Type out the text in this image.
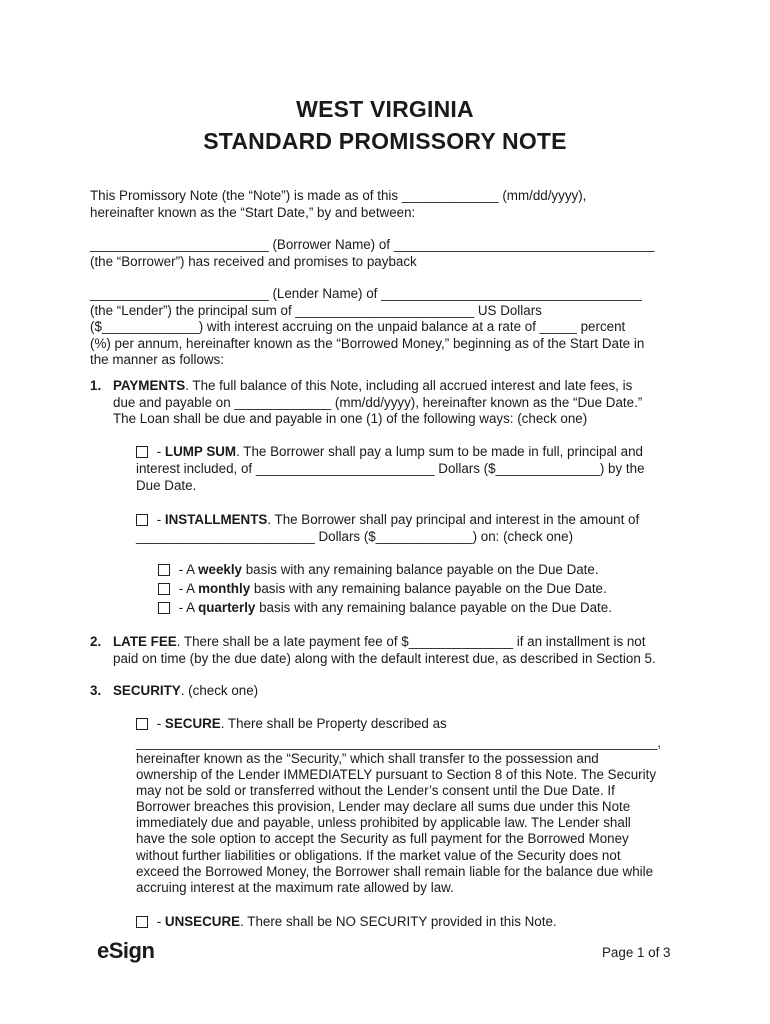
WEST VIRGINIA
STANDARD PROMISSORY NOTE
This Promissory Note (the “Note”) is made as of this _____________ (mm/dd/yyyy),
hereinafter known as the “Start Date,” by and between:
________________________ (Borrower Name) of ___________________________________
(the “Borrower”) has received and promises to payback
________________________ (Lender Name) of ___________________________________
(the “Lender”) the principal sum of ________________________ US Dollars
($_____________) with interest accruing on the unpaid balance at a rate of _____ percent
(%) per annum, hereinafter known as the “Borrowed Money,” beginning as of the Start Date in
the manner as follows:
1. PAYMENTS. The full balance of this Note, including all accrued interest and late fees, is
due and payable on _____________ (mm/dd/yyyy), hereinafter known as the “Due Date.”
The Loan shall be due and payable in one (1) of the following ways: (check one)
- LUMP SUM. The Borrower shall pay a lump sum to be made in full, principal and
interest included, of ________________________ Dollars ($______________) by the
Due Date.
- INSTALLMENTS. The Borrower shall pay principal and interest in the amount of
________________________ Dollars ($_____________) on: (check one)
- A weekly basis with any remaining balance payable on the Due Date.
- A monthly basis with any remaining balance payable on the Due Date.
- A quarterly basis with any remaining balance payable on the Due Date.
2. LATE FEE. There shall be a late payment fee of $______________ if an installment is not
paid on time (by the due date) along with the default interest due, as described in Section 5.
3. SECURITY. (check one)
- SECURE. There shall be Property described as
______________________________________________________________________,
hereinafter known as the “Security,” which shall transfer to the possession and
ownership of the Lender IMMEDIATELY pursuant to Section 8 of this Note. The Security
may not be sold or transferred without the Lender’s consent until the Due Date. If
Borrower breaches this provision, Lender may declare all sums due under this Note
immediately due and payable, unless prohibited by applicable law. The Lender shall
have the sole option to accept the Security as full payment for the Borrowed Money
without further liabilities or obligations. If the market value of the Security does not
exceed the Borrowed Money, the Borrower shall remain liable for the balance due while
accruing interest at the maximum rate allowed by law.
- UNSECURE. There shall be NO SECURITY provided in this Note.
eSign	Page 1 of 3
